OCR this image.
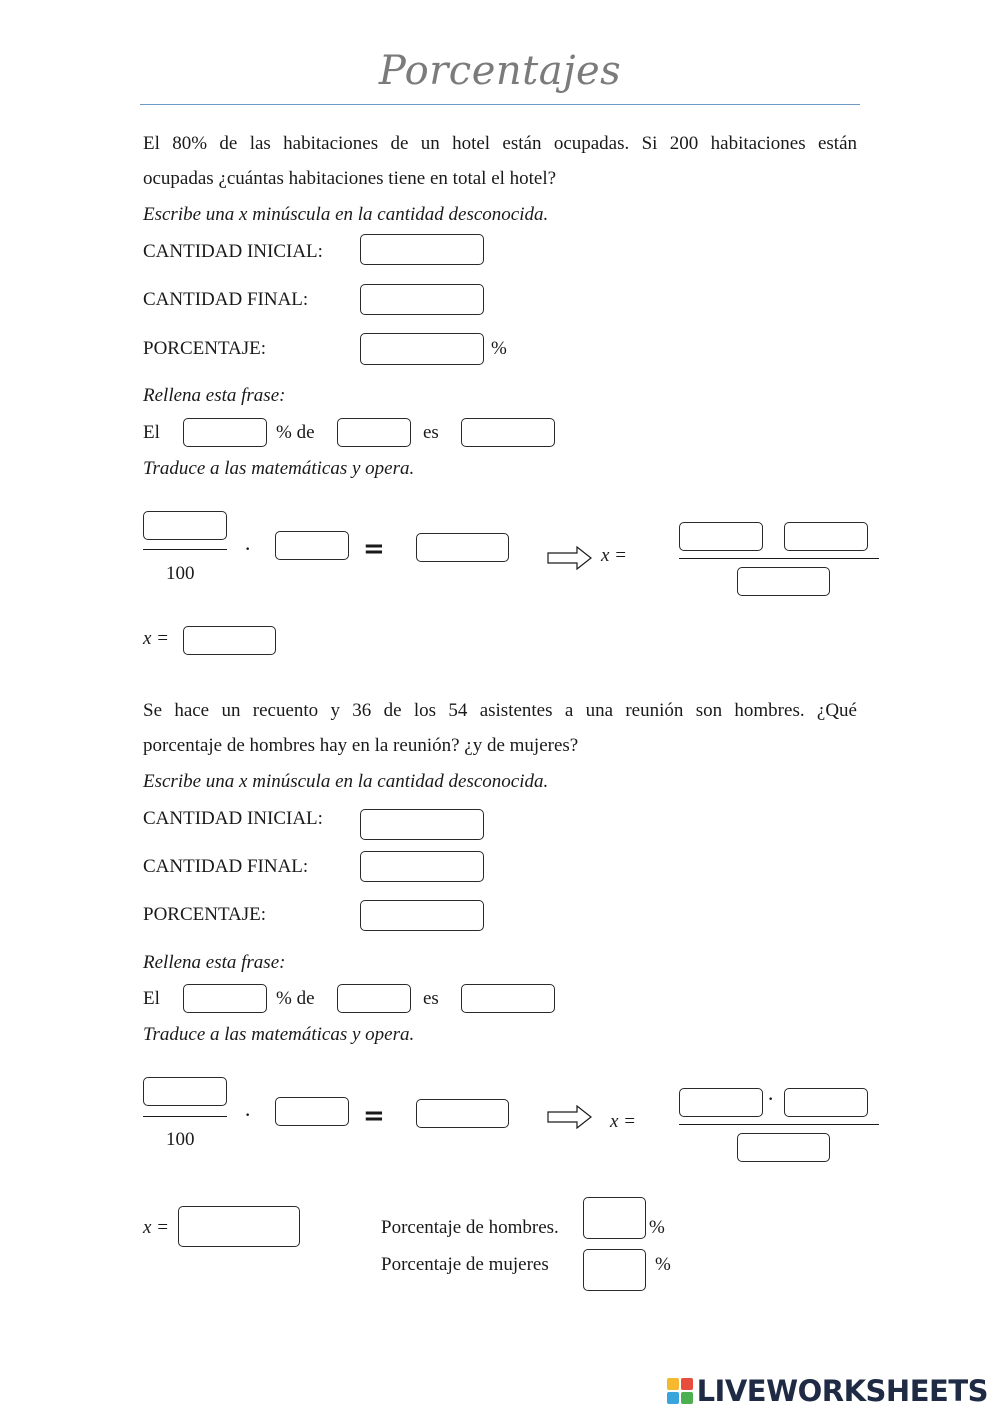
Porcentajes
El 80% de las habitaciones de un hotel están ocupadas. Si 200 habitaciones están
ocupadas ¿cuántas habitaciones tiene en total el hotel?
Escribe una x minúscula en la cantidad desconocida.
CANTIDAD INICIAL:
CANTIDAD FINAL:
PORCENTAJE:	%
Rellena esta frase:
El	% de	es
Traduce a las matemáticas y opera.
100
·	=	x =
x =
Se hace un recuento y 36 de los 54 asistentes a una reunión son hombres. ¿Qué
porcentaje de hombres hay en la reunión? ¿y de mujeres?
Escribe una x minúscula en la cantidad desconocida.
CANTIDAD INICIAL:
CANTIDAD FINAL:
PORCENTAJE:
Rellena esta frase:
El	% de	es
Traduce a las matemáticas y opera.
100
·	=	x =
·
x =	Porcentaje de hombres.	%
Porcentaje de mujeres	%
LIVEWORKSHEETS
